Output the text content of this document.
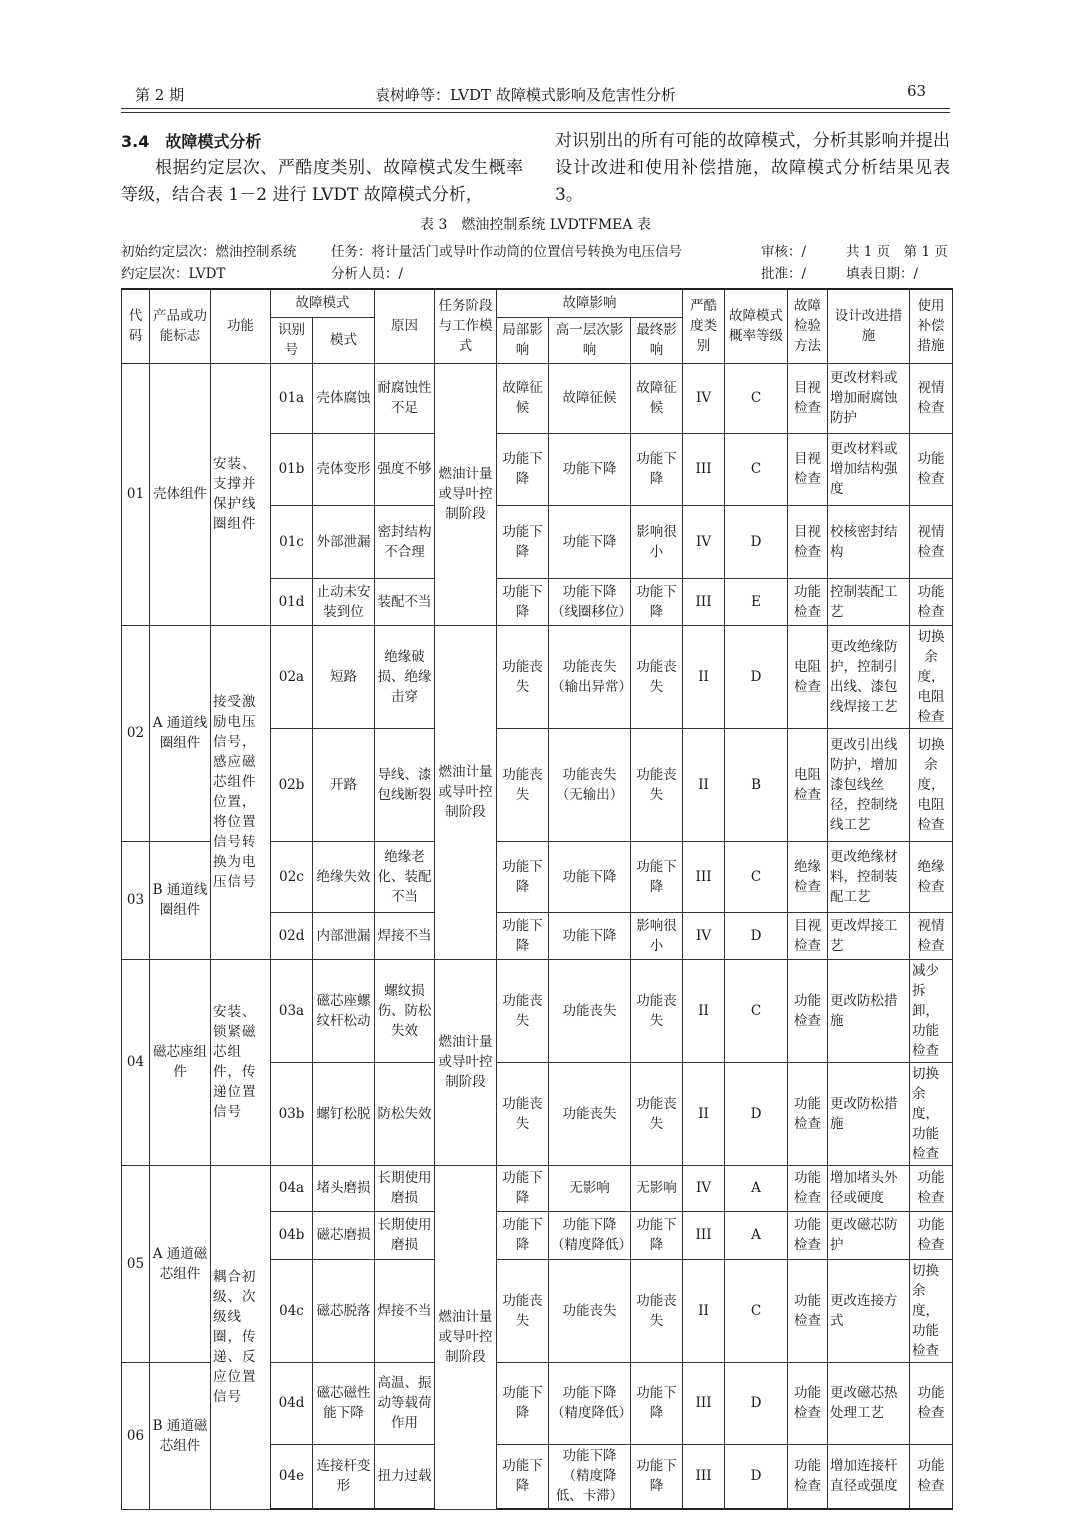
第 2 期	袁树峥等：LVDT 故障模式影响及危害性分析	63

3.4　故障模式分析

根据约定层次、严酷度类别、故障模式发生概率等级，结合表 1－2 进行 LVDT 故障模式分析，

对识别出的所有可能的故障模式，分析其影响并提出设计改进和使用补偿措施，故障模式分析结果见表 3。

表 3　燃油控制系统 LVDTFMEA 表
初始约定层次：燃油控制系统	任务：将计量活门或导叶作动筒的位置信号转换为电压信号	审核：/	共 1 页　第 1 页
约定层次：LVDT	分析人员：/	批准：/	填表日期：/
代码	产品或功能标志	功能	故障模式		原因	任务阶段与工作模式	故障影响			严酷度类别	故障模式概率等级	故障检验方法	设计改进措施	使用补偿措施
			识别号	模式			局部影响	高一层次影响	最终影响					
01	壳体组件	安装、支撑并保护线圈组件	01a	壳体腐蚀	耐腐蚀性不足	燃油计量或导叶控制阶段	故障征候	故障征候	故障征候	IV	C	目视检查	更改材料或增加耐腐蚀防护	视情检查
			01b	壳体变形	强度不够		功能下降	功能下降	功能下降	III	C	目视检查	更改材料或增加结构强度	功能检查
			01c	外部泄漏	密封结构不合理		功能下降	功能下降	影响很小	IV	D	目视检查	校核密封结构	视情检查
			01d	止动未安装到位	装配不当		功能下降	功能下降（线圈移位）	功能下降	III	E	功能检查	控制装配工艺	功能检查
02	A 通道线圈组件	接受激励电压信号，感应磁芯组件位置，将位置信号转换为电压信号	02a	短路	绝缘破损、绝缘击穿	燃油计量或导叶控制阶段	功能丧失	功能丧失（输出异常）	功能丧失	II	D	电阻检查	更改绝缘防护，控制引出线、漆包线焊接工艺	切换余度，电阻检查
			02b	开路	导线、漆包线断裂		功能丧失	功能丧失（无输出）	功能丧失	II	B	电阻检查	更改引出线防护，增加漆包线丝径，控制绕线工艺	切换余度，电阻检查
03	B 通道线圈组件		02c	绝缘失效	绝缘老化、装配不当		功能下降	功能下降	功能下降	III	C	绝缘检查	更改绝缘材料，控制装配工艺	绝缘检查
			02d	内部泄漏	焊接不当		功能下降	功能下降	影响很小	IV	D	目视检查	更改焊接工艺	视情检查
04	磁芯座组件	安装、锁紧磁芯组件，传递位置信号	03a	磁芯座螺纹杆松动	螺纹损伤、防松失效	燃油计量或导叶控制阶段	功能丧失	功能丧失	功能丧失	II	C	功能检查	更改防松措施	减少拆卸，功能检查
			03b	螺钉松脱	防松失效		功能丧失	功能丧失	功能丧失	II	D	功能检查	更改防松措施	切换余度，功能检查
05	A 通道磁芯组件	耦合初级、次级线圈，传递、反应位置信号	04a	堵头磨损	长期使用磨损	燃油计量或导叶控制阶段	功能下降	无影响	无影响	IV	A	功能检查	增加堵头外径或硬度	功能检查
			04b	磁芯磨损	长期使用磨损		功能下降	功能下降（精度降低）	功能下降	III	A	功能检查	更改磁芯防护	功能检查
			04c	磁芯脱落	焊接不当		功能丧失	功能丧失	功能丧失	II	C	功能检查	更改连接方式	切换余度，功能检查
06	B 通道磁芯组件		04d	磁芯磁性能下降	高温、振动等载荷作用		功能下降	功能下降（精度降低）	功能下降	III	D	功能检查	更改磁芯热处理工艺	功能检查
			04e	连接杆变形	扭力过载		功能下降	功能下降（精度降低、卡滞）	功能下降	III	D	功能检查	增加连接杆直径或强度	功能检查
